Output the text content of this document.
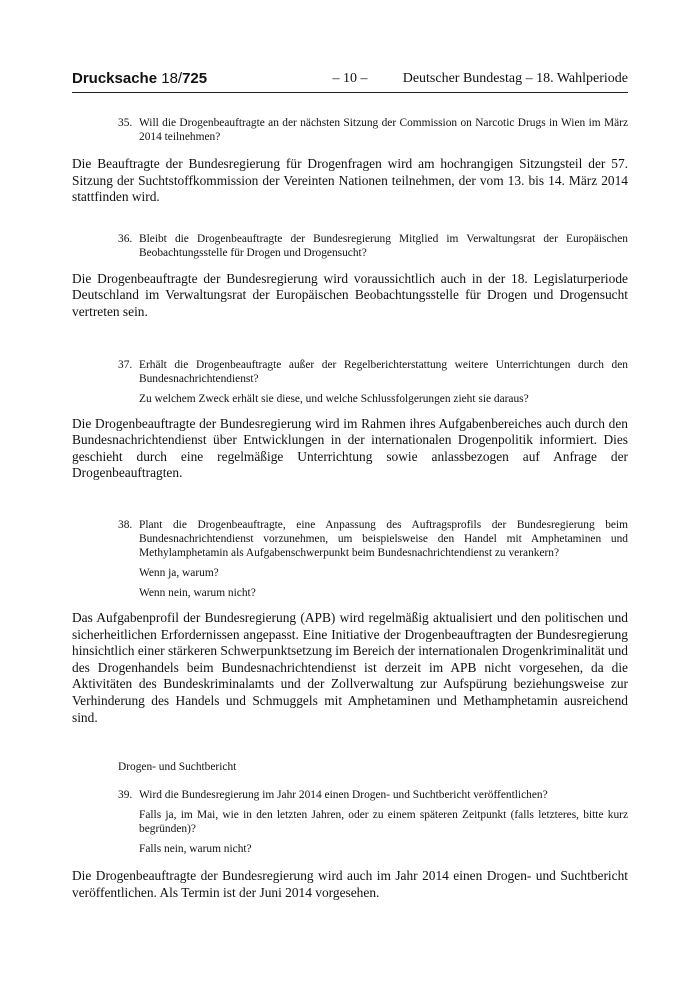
Drucksache 18/725	– 10 –	Deutscher Bundestag – 18. Wahlperiode
35. Will die Drogenbeauftragte an der nächsten Sitzung der Commission on Narcotic Drugs in Wien im März 2014 teilnehmen?

Die Beauftragte der Bundesregierung für Drogenfragen wird am hochrangigen Sitzungsteil der 57. Sitzung der Suchtstoffkommission der Vereinten Nationen teilnehmen, der vom 13. bis 14. März 2014 stattfinden wird.

36. Bleibt die Drogenbeauftragte der Bundesregierung Mitglied im Verwaltungsrat der Europäischen Beobachtungsstelle für Drogen und Drogensucht?

Die Drogenbeauftragte der Bundesregierung wird voraussichtlich auch in der 18. Legislaturperiode Deutschland im Verwaltungsrat der Europäischen Beobachtungsstelle für Drogen und Drogensucht vertreten sein.

37. Erhält die Drogenbeauftragte außer der Regelberichterstattung weitere Unterrichtungen durch den Bundesnachrichtendienst?

Zu welchem Zweck erhält sie diese, und welche Schlussfolgerungen zieht sie daraus?

Die Drogenbeauftragte der Bundesregierung wird im Rahmen ihres Aufgabenbereiches auch durch den Bundesnachrichtendienst über Entwicklungen in der internationalen Drogenpolitik informiert. Dies geschieht durch eine regelmäßige Unterrichtung sowie anlassbezogen auf Anfrage der Drogenbeauftragten.

38. Plant die Drogenbeauftragte, eine Anpassung des Auftragsprofils der Bundesregierung beim Bundesnachrichtendienst vorzunehmen, um beispielsweise den Handel mit Amphetaminen und Methylamphetamin als Aufgabenschwerpunkt beim Bundesnachrichtendienst zu verankern?

Wenn ja, warum?

Wenn nein, warum nicht?

Das Aufgabenprofil der Bundesregierung (APB) wird regelmäßig aktualisiert und den politischen und sicherheitlichen Erfordernissen angepasst. Eine Initiative der Drogenbeauftragten der Bundesregierung hinsichtlich einer stärkeren Schwerpunktsetzung im Bereich der internationalen Drogenkriminalität und des Drogenhandels beim Bundesnachrichtendienst ist derzeit im APB nicht vorgesehen, da die Aktivitäten des Bundeskriminalamts und der Zollverwaltung zur Aufspürung beziehungsweise zur Verhinderung des Handels und Schmuggels mit Amphetaminen und Methamphetamin ausreichend sind.

Drogen- und Suchtbericht
39. Wird die Bundesregierung im Jahr 2014 einen Drogen- und Suchtbericht veröffentlichen?

Falls ja, im Mai, wie in den letzten Jahren, oder zu einem späteren Zeitpunkt (falls letzteres, bitte kurz begründen)?

Falls nein, warum nicht?

Die Drogenbeauftragte der Bundesregierung wird auch im Jahr 2014 einen Drogen- und Suchtbericht veröffentlichen. Als Termin ist der Juni 2014 vorgesehen.
